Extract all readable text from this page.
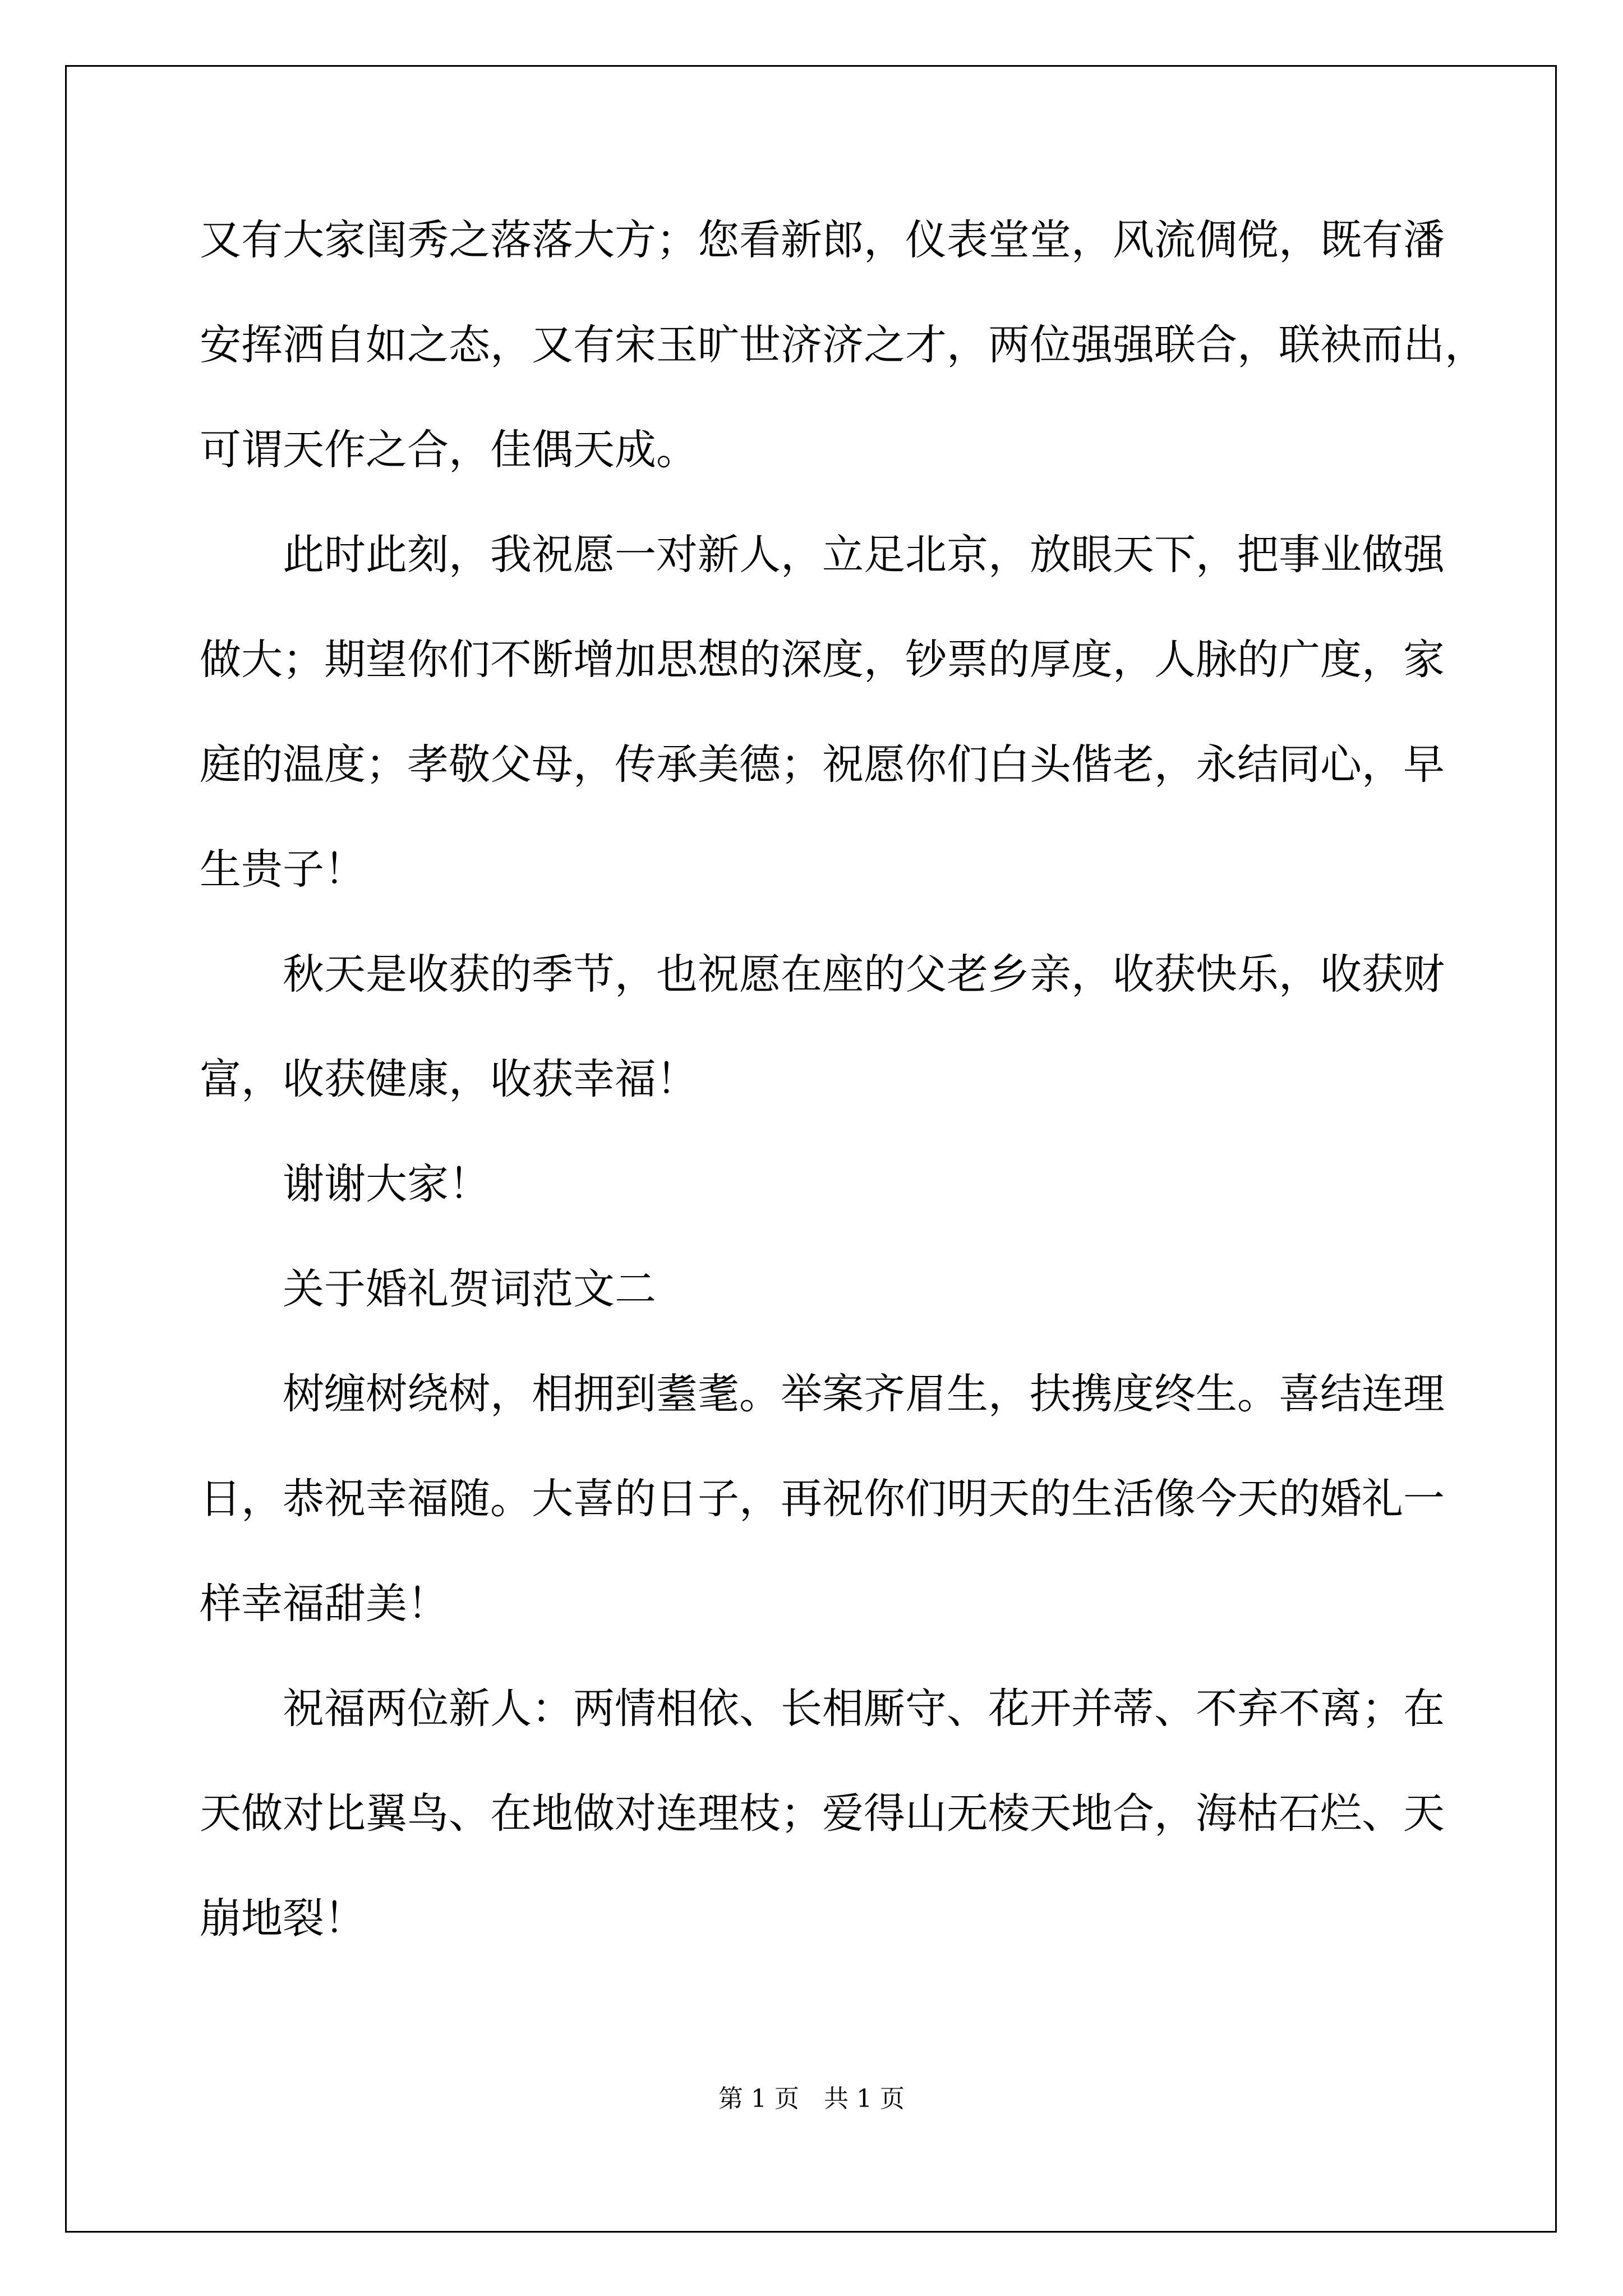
又有大家闺秀之落落大方；您看新郎，仪表堂堂，风流倜傥，既有潘
安挥洒自如之态，又有宋玉旷世济济之才，两位强强联合，联袂而出，
可谓天作之合，佳偶天成。
此时此刻，我祝愿一对新人，立足北京，放眼天下，把事业做强
做大；期望你们不断增加思想的深度，钞票的厚度，人脉的广度，家
庭的温度；孝敬父母，传承美德；祝愿你们白头偕老，永结同心，早
生贵子！
秋天是收获的季节，也祝愿在座的父老乡亲，收获快乐，收获财
富，收获健康，收获幸福！
谢谢大家！
关于婚礼贺词范文二
树缠树绕树，相拥到耋耄。举案齐眉生，扶携度终生。喜结连理
日，恭祝幸福随。大喜的日子，再祝你们明天的生活像今天的婚礼一
样幸福甜美！
祝福两位新人：两情相依、长相厮守、花开并蒂、不弃不离；在
天做对比翼鸟、在地做对连理枝；爱得山无棱天地合，海枯石烂、天
崩地裂！
第 1 页　共 1 页
